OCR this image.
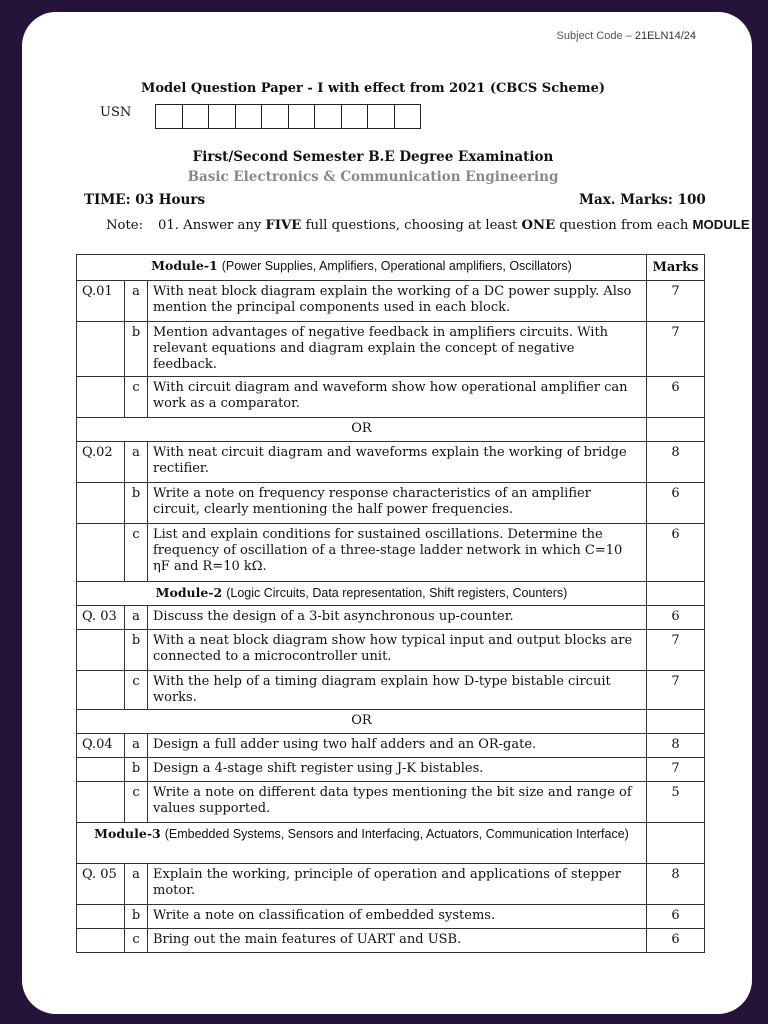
Subject Code – 21ELN14/24
Model Question Paper - I with effect from 2021 (CBCS Scheme)
USN
First/Second Semester B.E Degree Examination
Basic Electronics & Communication Engineering
TIME: 03 Hours	Max. Marks: 100
Note: 01. Answer any FIVE full questions, choosing at least ONE question from each MODULE
Module-1 (Power Supplies, Amplifiers, Operational amplifiers, Oscillators)			Marks
Q.01	a	With neat block diagram explain the working of a DC power supply. Also mention the principal components used in each block.	7
	b	Mention advantages of negative feedback in amplifiers circuits. With relevant equations and diagram explain the concept of negative feedback.	7
	c	With circuit diagram and waveform show how operational amplifier can work as a comparator.	6
OR			
Q.02	a	With neat circuit diagram and waveforms explain the working of bridge rectifier.	8
	b	Write a note on frequency response characteristics of an amplifier circuit, clearly mentioning the half power frequencies.	6
	c	List and explain conditions for sustained oscillations. Determine the frequency of oscillation of a three-stage ladder network in which C=10 ηF and R=10 kΩ.	6
Module-2 (Logic Circuits, Data representation, Shift registers, Counters)			
Q. 03	a	Discuss the design of a 3-bit asynchronous up-counter.	6
	b	With a neat block diagram show how typical input and output blocks are connected to a microcontroller unit.	7
	c	With the help of a timing diagram explain how D-type bistable circuit works.	7
OR			
Q.04	a	Design a full adder using two half adders and an OR-gate.	8
	b	Design a 4-stage shift register using J-K bistables.	7
	c	Write a note on different data types mentioning the bit size and range of values supported.	5
Module-3 (Embedded Systems, Sensors and Interfacing, Actuators, Communication Interface)			
Q. 05	a	Explain the working, principle of operation and applications of stepper motor.	8
	b	Write a note on classification of embedded systems.	6
	c	Bring out the main features of UART and USB.	6
